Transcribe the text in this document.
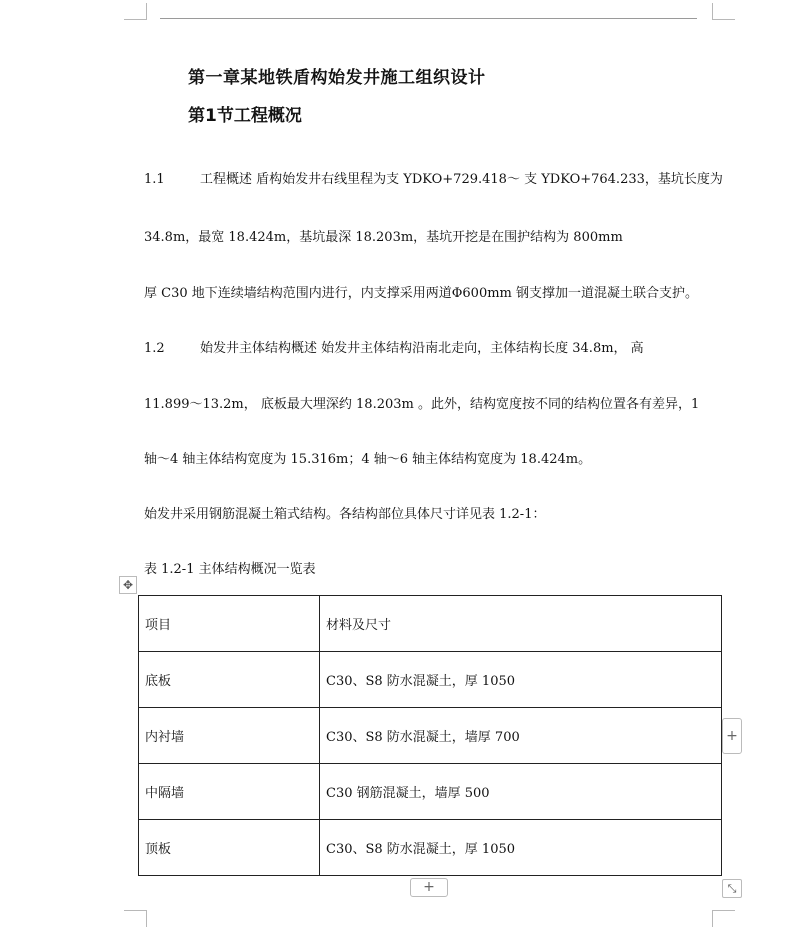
第一章某地铁盾构始发井施工组织设计
第1节工程概况
1.1	工程概述 盾构始发井右线里程为支 YDKO+729.418～ 支 YDKO+764.233，基坑长度为
34.8m，最宽 18.424m，基坑最深 18.203m，基坑开挖是在围护结构为 800mm
厚 C30 地下连续墙结构范围内进行，内支撑采用两道Φ600mm 钢支撑加一道混凝土联合支护。
1.2	始发井主体结构概述 始发井主体结构沿南北走向，主体结构长度 34.8m， 高
11.899～13.2m， 底板最大埋深约 18.203m 。此外，结构宽度按不同的结构位置各有差异，1
轴～4 轴主体结构宽度为 15.316m；4 轴～6 轴主体结构宽度为 18.424m。
始发井采用钢筋混凝土箱式结构。各结构部位具体尺寸详见表 1.2-1：
表 1.2-1 主体结构概况一览表
✥
项目	材料及尺寸
底板	C30、S8 防水混凝土，厚 1050
内衬墙	C30、S8 防水混凝土，墙厚 700
中隔墙	C30 钢筋混凝土，墙厚 500
顶板	C30、S8 防水混凝土，厚 1050
+
+	⤡
